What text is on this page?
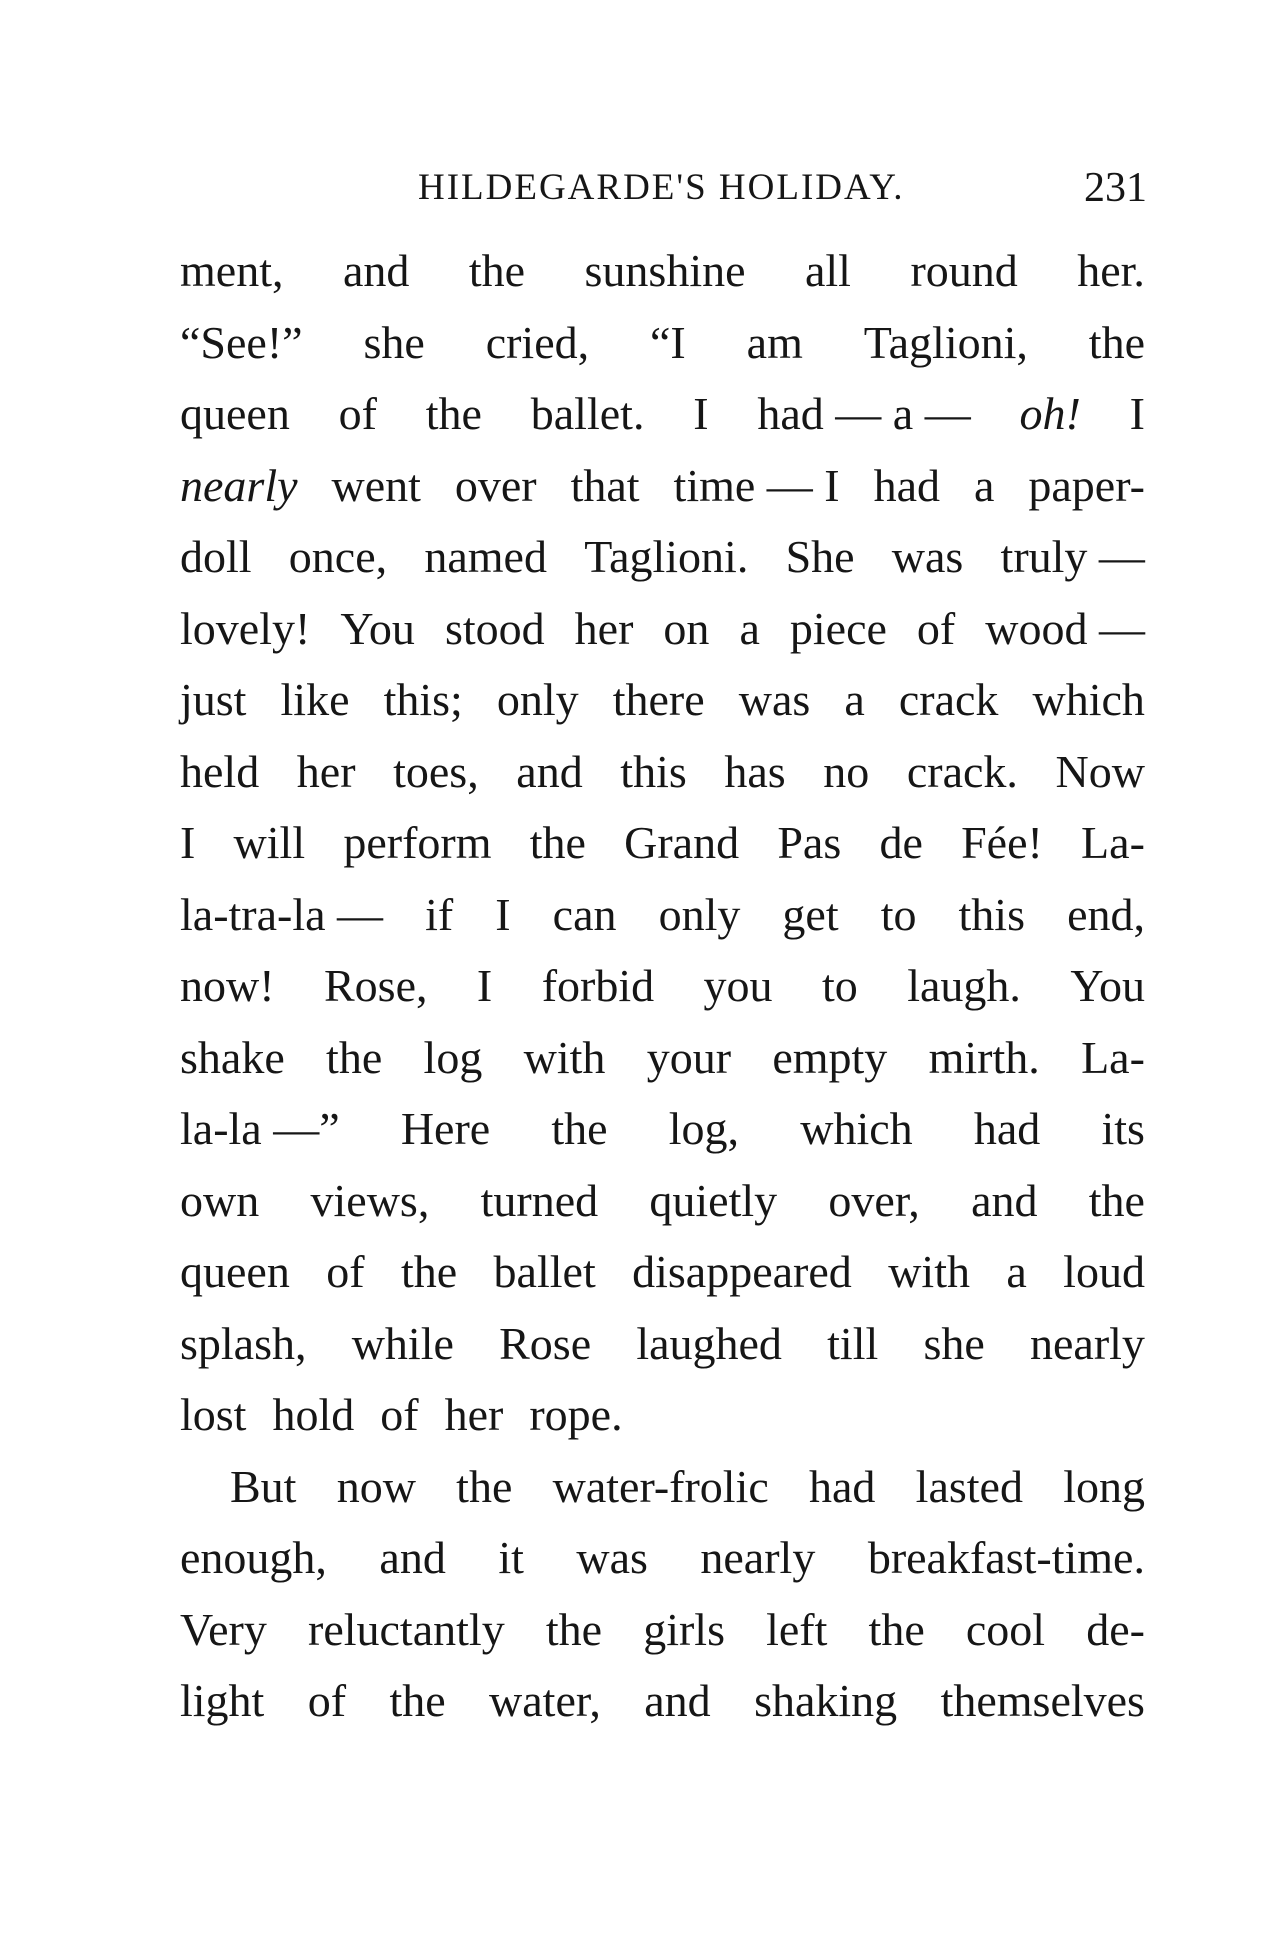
HILDEGARDE'S HOLIDAY.	231
ment, and the sunshine all round her.
“See!” she cried, “I am Taglioni, the
queen of the ballet. I had — a — oh! I
nearly went over that time — I had a paper-
doll once, named Taglioni. She was truly —
lovely! You stood her on a piece of wood —
just like this; only there was a crack which
held her toes, and this has no crack. Now
I will perform the Grand Pas de Fée! La-
la-tra-la — if I can only get to this end,
now! Rose, I forbid you to laugh. You
shake the log with your empty mirth. La-
la-la —” Here the log, which had its
own views, turned quietly over, and the
queen of the ballet disappeared with a loud
splash, while Rose laughed till she nearly
lost hold of her rope.
But now the water-frolic had lasted long
enough, and it was nearly breakfast-time.
Very reluctantly the girls left the cool de-
light of the water, and shaking themselves
